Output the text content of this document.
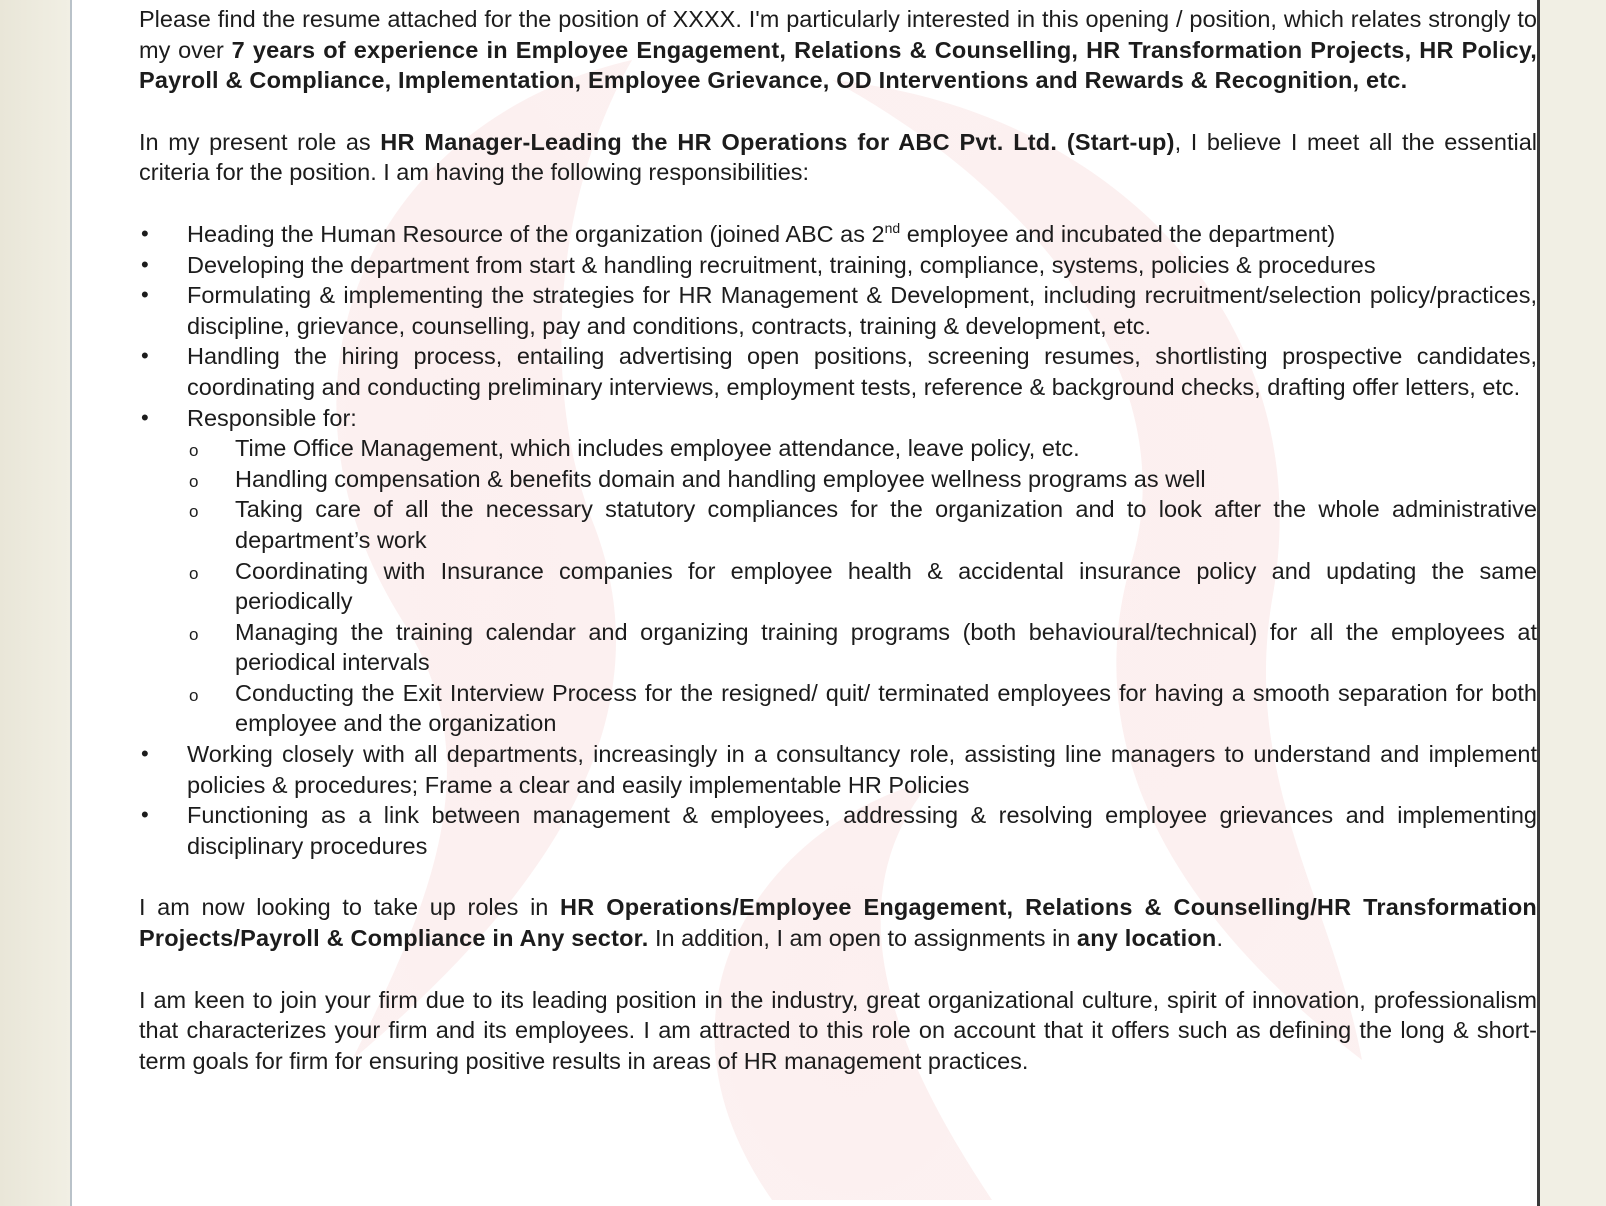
Please find the resume attached for the position of XXXX. I'm particularly interested in this opening / position, which relates strongly to my over 7 years of experience in Employee Engagement, Relations & Counselling, HR Transformation Projects, HR Policy, Payroll & Compliance, Implementation, Employee Grievance, OD Interventions and Rewards & Recognition, etc.

In my present role as HR Manager-Leading the HR Operations for ABC Pvt. Ltd. (Start-up), I believe I meet all the essential criteria for the position. I am having the following responsibilities:

• Heading the Human Resource of the organization (joined ABC as 2nd employee and incubated the department)
• Developing the department from start & handling recruitment, training, compliance, systems, policies & procedures
• Formulating & implementing the strategies for HR Management & Development, including recruitment/selection policy/practices, discipline, grievance, counselling, pay and conditions, contracts, training & development, etc.
• Handling the hiring process, entailing advertising open positions, screening resumes, shortlisting prospective candidates, coordinating and conducting preliminary interviews, employment tests, reference & background checks, drafting offer letters, etc.
• Responsible for:
o Time Office Management, which includes employee attendance, leave policy, etc.
o Handling compensation & benefits domain and handling employee wellness programs as well
o Taking care of all the necessary statutory compliances for the organization and to look after the whole administrative department’s work
o Coordinating with Insurance companies for employee health & accidental insurance policy and updating the same periodically
o Managing the training calendar and organizing training programs (both behavioural/technical) for all the employees at periodical intervals
o Conducting the Exit Interview Process for the resigned/ quit/ terminated employees for having a smooth separation for both employee and the organization
• Working closely with all departments, increasingly in a consultancy role, assisting line managers to understand and implement policies & procedures; Frame a clear and easily implementable HR Policies
• Functioning as a link between management & employees, addressing & resolving employee grievances and implementing disciplinary procedures

I am now looking to take up roles in HR Operations/Employee Engagement, Relations & Counselling/HR Transformation Projects/Payroll & Compliance in Any sector. In addition, I am open to assignments in any location.

I am keen to join your firm due to its leading position in the industry, great organizational culture, spirit of innovation, professionalism that characterizes your firm and its employees. I am attracted to this role on account that it offers such as defining the long & short-term goals for firm for ensuring positive results in areas of HR management practices.
